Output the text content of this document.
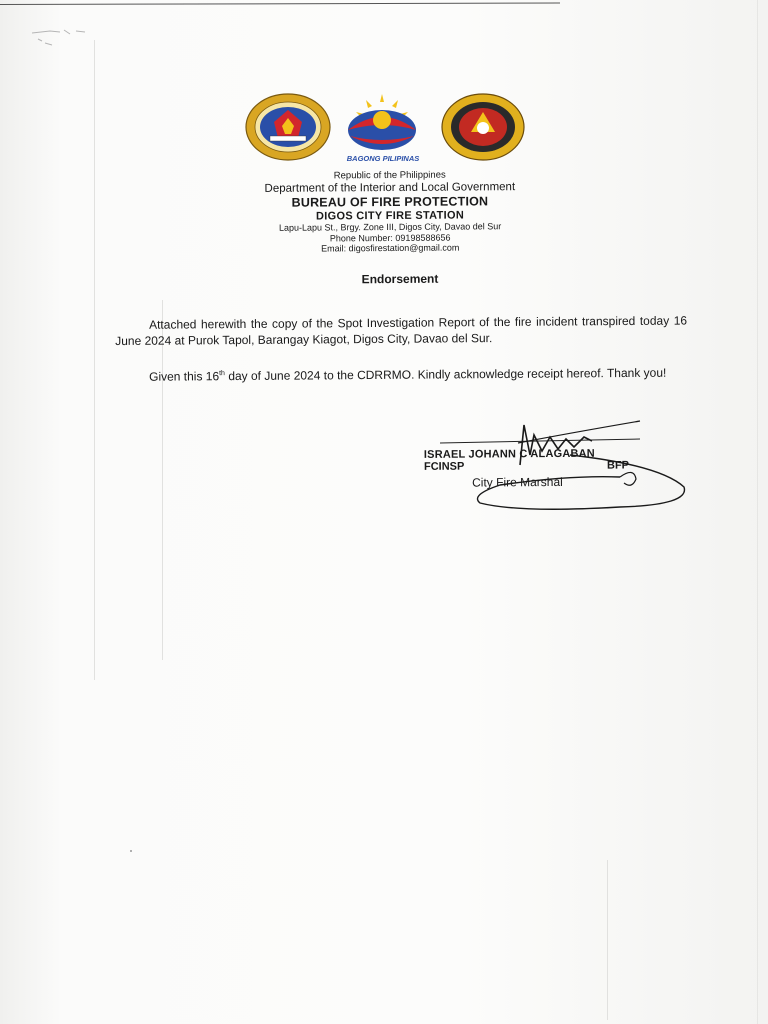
BAGONG PILIPINAS
Republic of the Philippines
Department of the Interior and Local Government
BUREAU OF FIRE PROTECTION
DIGOS CITY FIRE STATION
Lapu-Lapu St., Brgy. Zone III, Digos City, Davao del Sur
Phone Number: 09198588656
Email: digosfirestation@gmail.com
Endorsement
Attached herewith the copy of the Spot Investigation Report of the fire incident transpired today 16 June 2024 at Purok Tapol, Barangay Kiagot, Digos City, Davao del Sur.
Given this 16th day of June 2024 to the CDRRMO. Kindly acknowledge receipt hereof. Thank you!
ISRAEL JOHANN C ALAGABAN
FCINSP	BFP
City Fire Marshal
